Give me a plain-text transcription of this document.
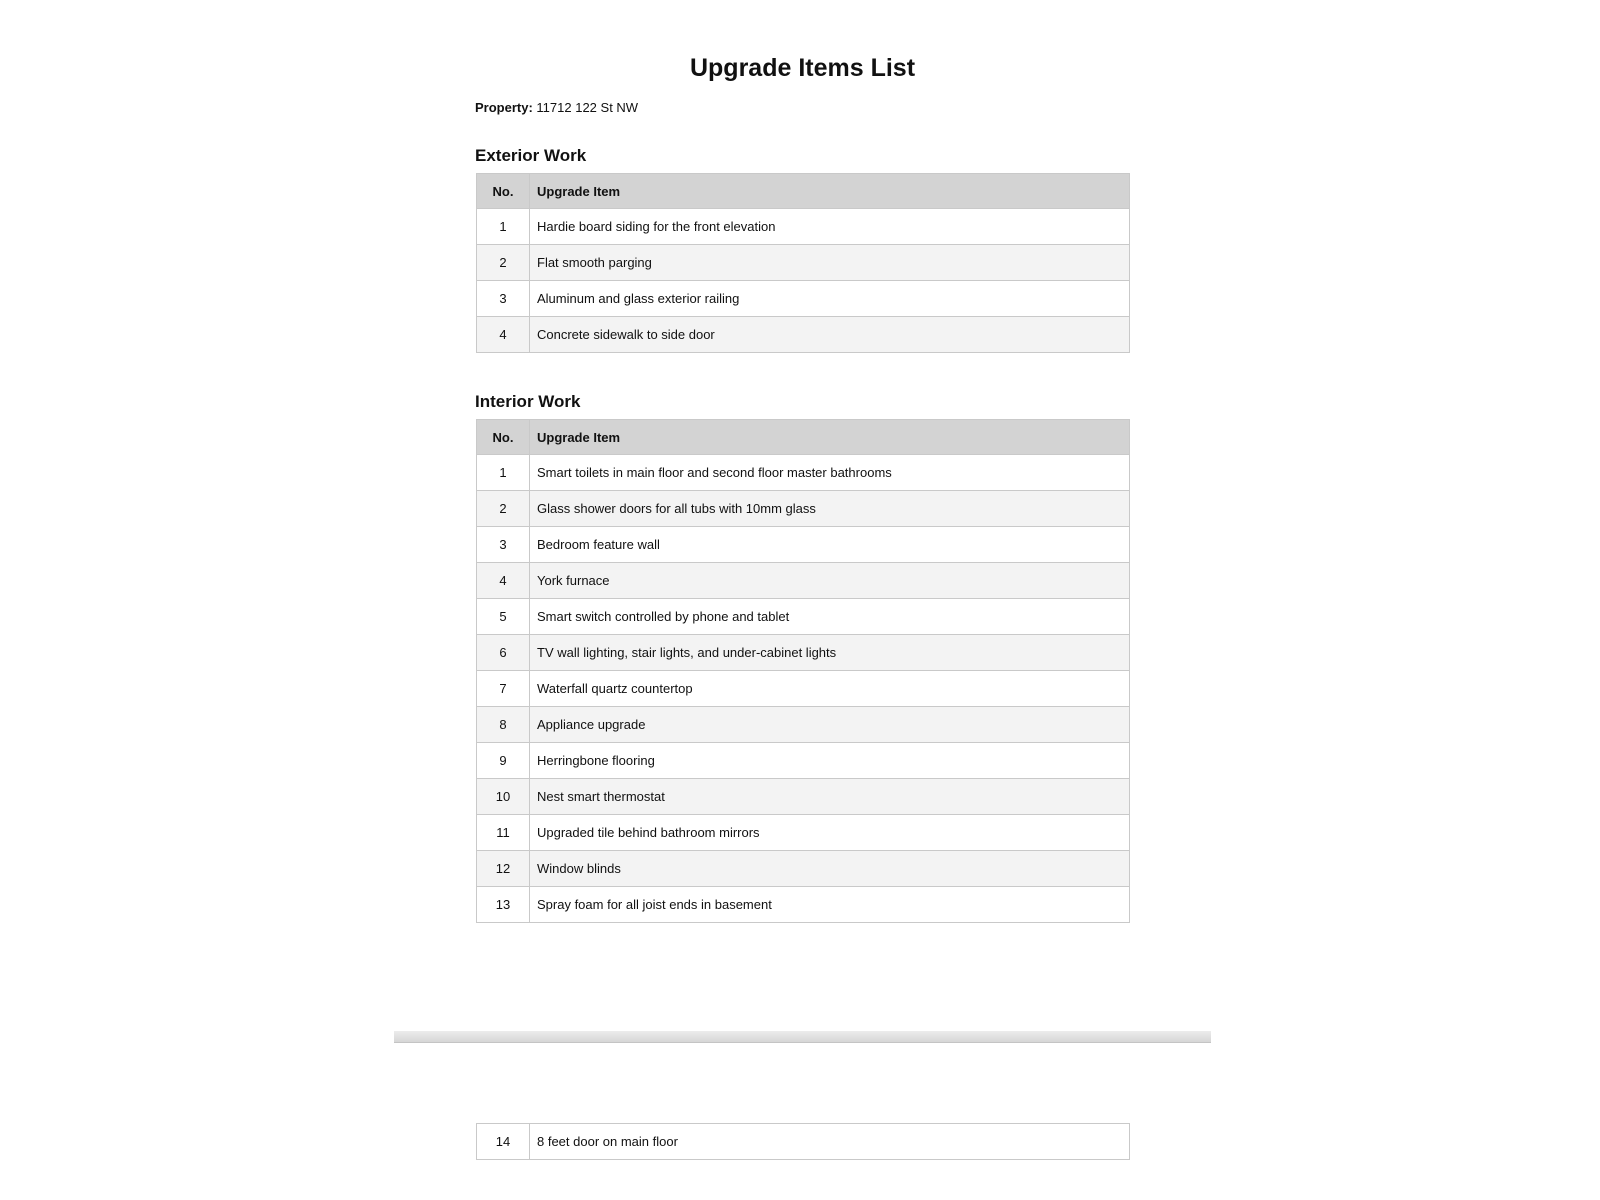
Upgrade Items List
Property: 11712 122 St NW
Exterior Work
No.	Upgrade Item
1	Hardie board siding for the front elevation
2	Flat smooth parging
3	Aluminum and glass exterior railing
4	Concrete sidewalk to side door
Interior Work
No.	Upgrade Item
1	Smart toilets in main floor and second floor master bathrooms
2	Glass shower doors for all tubs with 10mm glass
3	Bedroom feature wall
4	York furnace
5	Smart switch controlled by phone and tablet
6	TV wall lighting, stair lights, and under-cabinet lights
7	Waterfall quartz countertop
8	Appliance upgrade
9	Herringbone flooring
10	Nest smart thermostat
11	Upgraded tile behind bathroom mirrors
12	Window blinds
13	Spray foam for all joist ends in basement
14	8 feet door on main floor
